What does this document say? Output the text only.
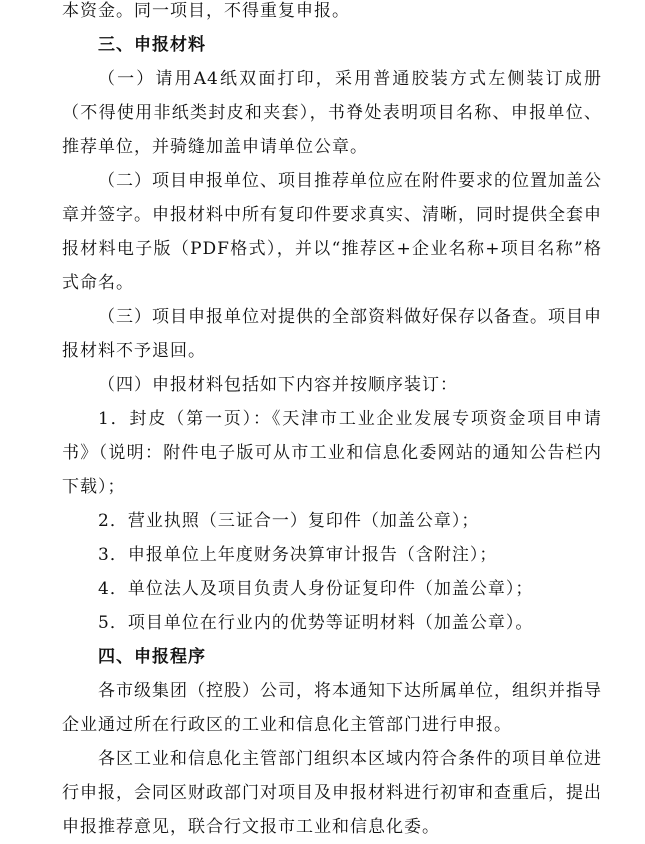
本资金。同一项目，不得重复申报。

三、申报材料

（一）请用A4纸双面打印，采用普通胶装方式左侧装订成册（不得使用非纸类封皮和夹套），书脊处表明项目名称、申报单位、推荐单位，并骑缝加盖申请单位公章。

（二）项目申报单位、项目推荐单位应在附件要求的位置加盖公章并签字。申报材料中所有复印件要求真实、清晰，同时提供全套申报材料电子版（PDF格式），并以“推荐区+企业名称+项目名称”格式命名。

（三）项目申报单位对提供的全部资料做好保存以备查。项目申报材料不予退回。

（四）申报材料包括如下内容并按顺序装订：

1．封皮（第一页）：《天津市工业企业发展专项资金项目申请书》（说明：附件电子版可从市工业和信息化委网站的通知公告栏内下载）；

2．营业执照（三证合一）复印件（加盖公章）；

3．申报单位上年度财务决算审计报告（含附注）；

4．单位法人及项目负责人身份证复印件（加盖公章）；

5．项目单位在行业内的优势等证明材料（加盖公章）。

四、申报程序

各市级集团（控股）公司，将本通知下达所属单位，组织并指导企业通过所在行政区的工业和信息化主管部门进行申报。

各区工业和信息化主管部门组织本区域内符合条件的项目单位进行申报，会同区财政部门对项目及申报材料进行初审和查重后，提出申报推荐意见，联合行文报市工业和信息化委。
